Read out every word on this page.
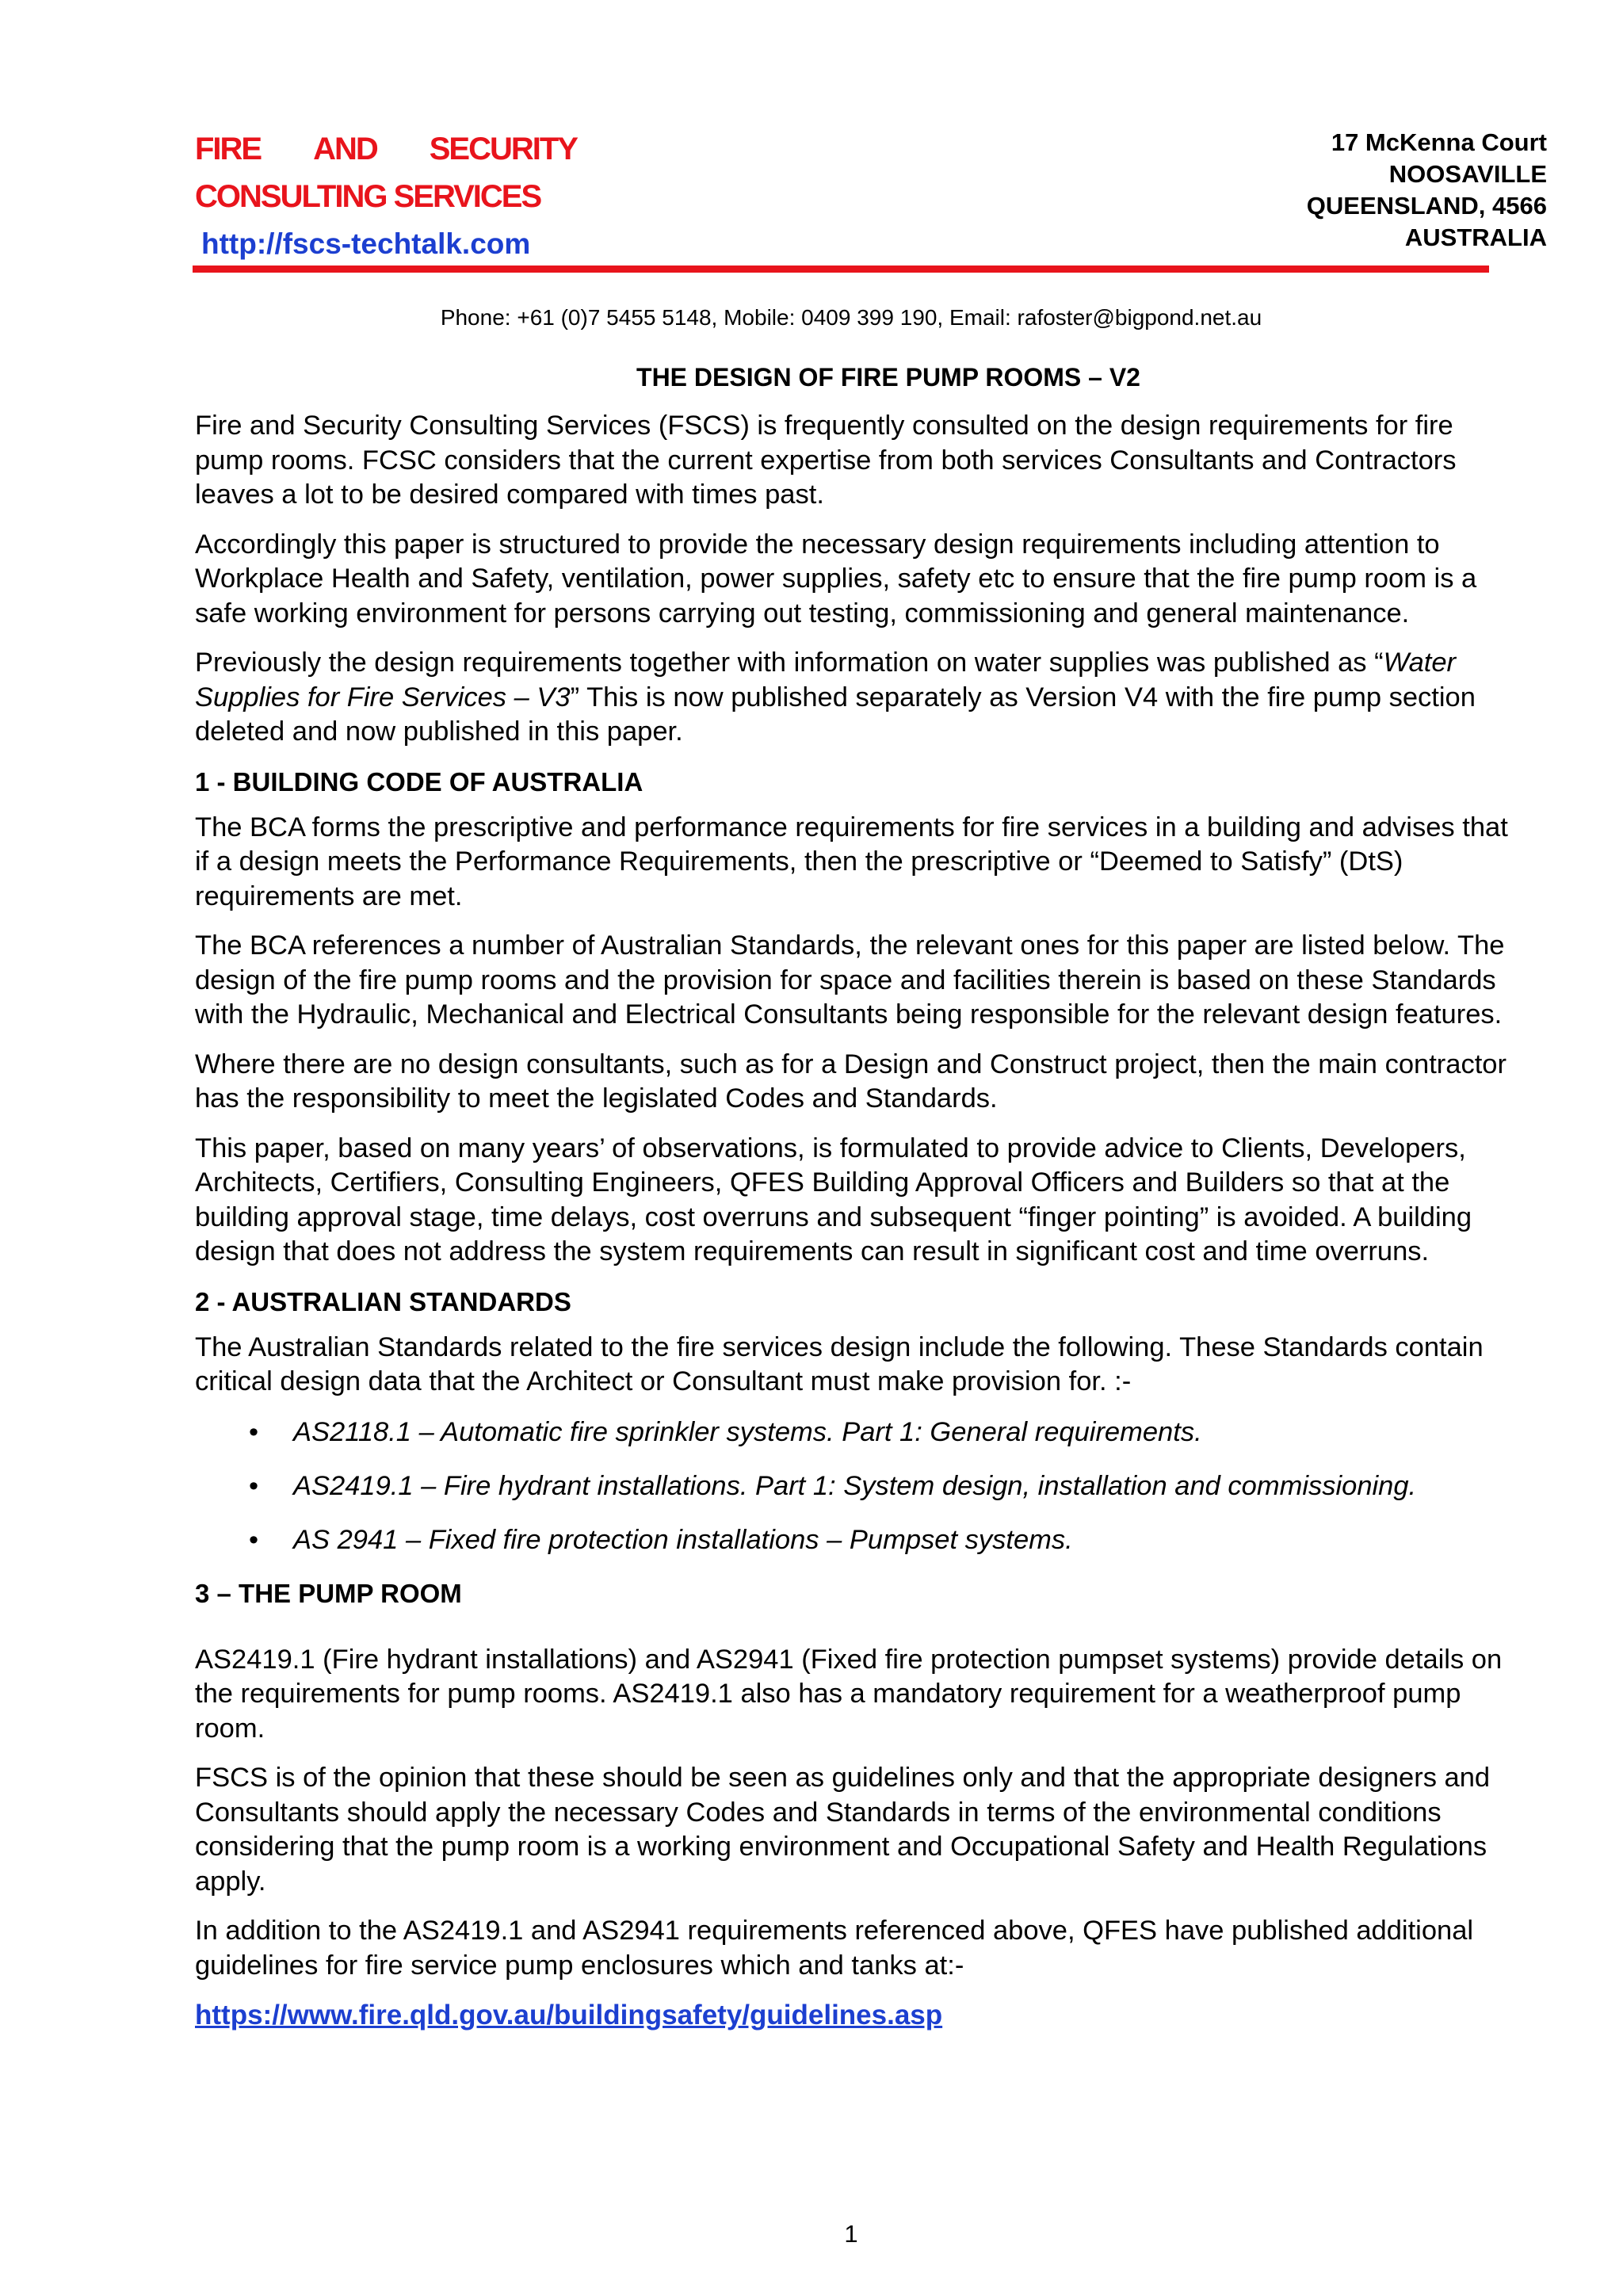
FIRE AND SECURITY
CONSULTING SERVICES
http://fscs-techtalk.com
17 McKenna Court
NOOSAVILLE
QUEENSLAND, 4566
AUSTRALIA
Phone: +61 (0)7 5455 5148, Mobile: 0409 399 190, Email: rafoster@bigpond.net.au
THE DESIGN OF FIRE PUMP ROOMS – V2

Fire and Security Consulting Services (FSCS) is frequently consulted on the design requirements for fire pump rooms. FCSC considers that the current expertise from both services Consultants and Contractors leaves a lot to be desired compared with times past.

Accordingly this paper is structured to provide the necessary design requirements including attention to Workplace Health and Safety, ventilation, power supplies, safety etc to ensure that the fire pump room is a safe working environment for persons carrying out testing, commissioning and general maintenance.

Previously the design requirements together with information on water supplies was published as “Water Supplies for Fire Services – V3” This is now published separately as Version V4 with the fire pump section deleted and now published in this paper.

1 - BUILDING CODE OF AUSTRALIA

The BCA forms the prescriptive and performance requirements for fire services in a building and advises that if a design meets the Performance Requirements, then the prescriptive or “Deemed to Satisfy” (DtS) requirements are met.

The BCA references a number of Australian Standards, the relevant ones for this paper are listed below. The design of the fire pump rooms and the provision for space and facilities therein is based on these Standards with the Hydraulic, Mechanical and Electrical Consultants being responsible for the relevant design features.

Where there are no design consultants, such as for a Design and Construct project, then the main contractor has the responsibility to meet the legislated Codes and Standards.

This paper, based on many years’ of observations, is formulated to provide advice to Clients, Developers, Architects, Certifiers, Consulting Engineers, QFES Building Approval Officers and Builders so that at the building approval stage, time delays, cost overruns and subsequent “finger pointing” is avoided. A building design that does not address the system requirements can result in significant cost and time overruns.

2 - AUSTRALIAN STANDARDS

The Australian Standards related to the fire services design include the following. These Standards contain critical design data that the Architect or Consultant must make provision for. :-

• AS2118.1 – Automatic fire sprinkler systems. Part 1: General requirements.
• AS2419.1 – Fire hydrant installations. Part 1: System design, installation and commissioning.
• AS 2941 – Fixed fire protection installations – Pumpset systems.
3 – THE PUMP ROOM

AS2419.1 (Fire hydrant installations) and AS2941 (Fixed fire protection pumpset systems) provide details on the requirements for pump rooms. AS2419.1 also has a mandatory requirement for a weatherproof pump room.

FSCS is of the opinion that these should be seen as guidelines only and that the appropriate designers and Consultants should apply the necessary Codes and Standards in terms of the environmental conditions considering that the pump room is a working environment and Occupational Safety and Health Regulations apply.

In addition to the AS2419.1 and AS2941 requirements referenced above, QFES have published additional guidelines for fire service pump enclosures which and tanks at:-

https://www.fire.qld.gov.au/buildingsafety/guidelines.asp
1
